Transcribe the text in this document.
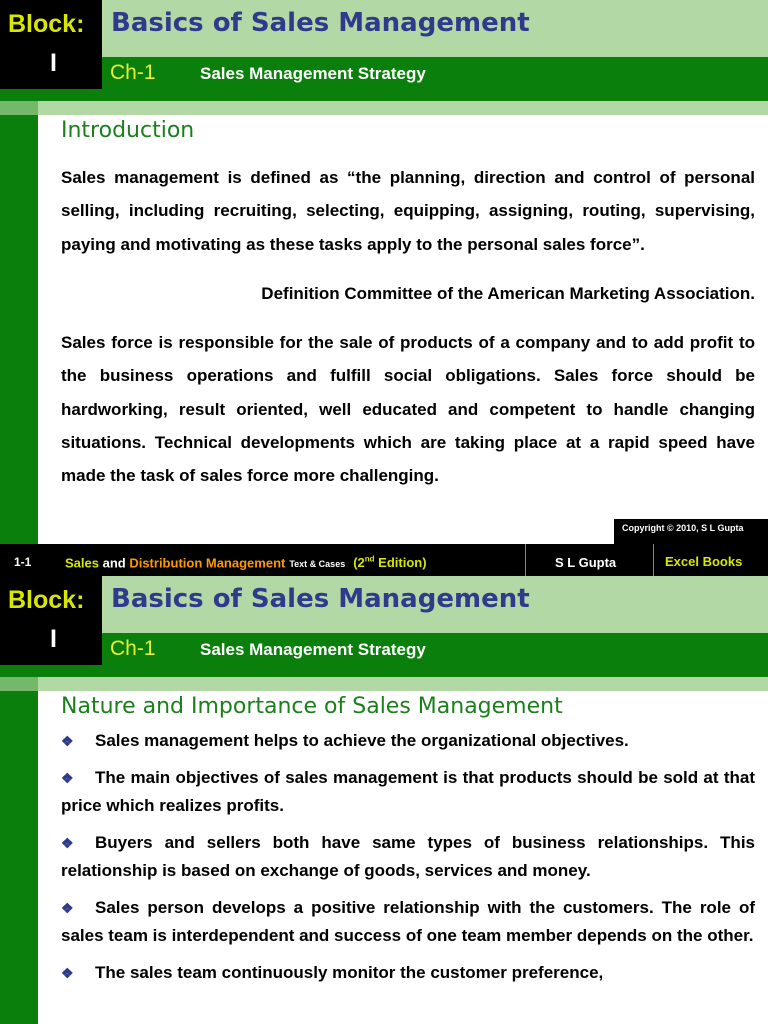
Block:
I
Basics of Sales Management
Ch-1	Sales Management Strategy
Introduction

Sales management is defined as “the planning, direction and control of personal selling, including recruiting, selecting, equipping, assigning, routing, supervising, paying and motivating as these tasks apply to the personal sales force”.

Definition Committee of the American Marketing Association.

Sales force is responsible for the sale of products of a company and to add profit to the business operations and fulfill social obligations. Sales force should be hardworking, result oriented, well educated and competent to handle changing situations. Technical developments which are taking place at a rapid speed have made the task of sales force more challenging.

Copyright © 2010, S L Gupta
1-1	Sales and Distribution Management Text & Cases (2nd Edition)	S L Gupta	Excel Books
Block:
I
Basics of Sales Management
Ch-1	Sales Management Strategy
Nature and Importance of Sales Management
❖ Sales management helps to achieve the organizational objectives.
❖ The main objectives of sales management is that products should be sold at that price which realizes profits.
❖ Buyers and sellers both have same types of business relationships. This relationship is based on exchange of goods, services and money.
❖ Sales person develops a positive relationship with the customers. The role of sales team is interdependent and success of one team member depends on the other.
❖ The sales team continuously monitor the customer preference,
